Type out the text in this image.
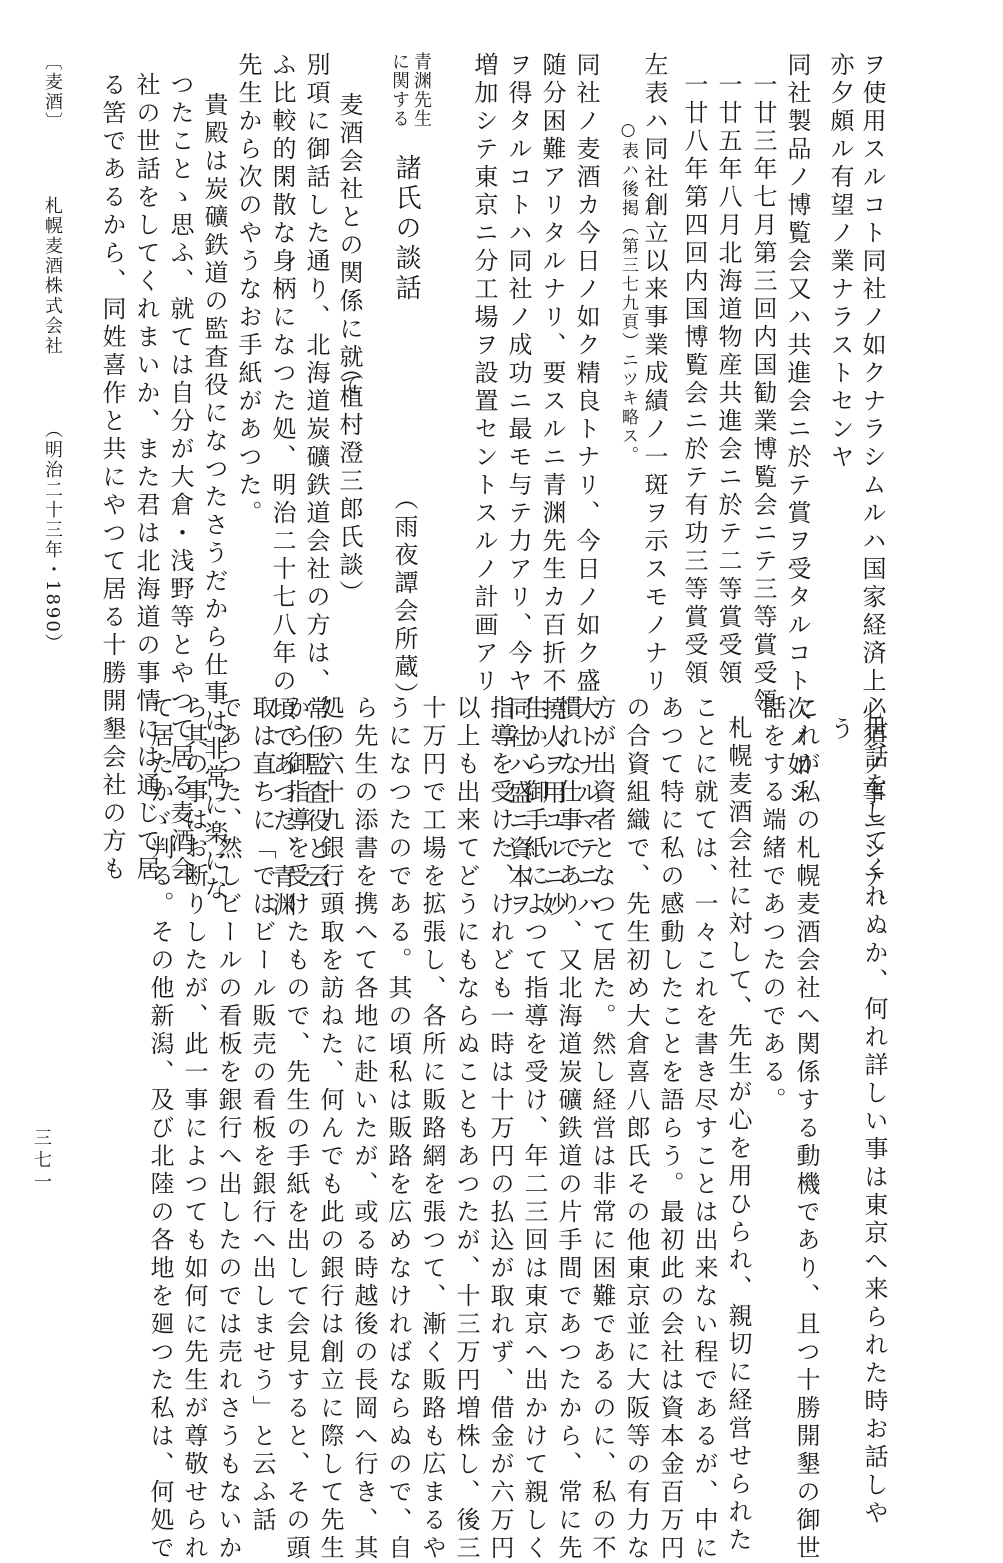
ヲ使用スルコト同社ノ如クナラシムルハ国家経済上必須ノ事ニシテ、
亦夕頗ル有望ノ業ナラストセンヤ
同社製品ノ博覧会又ハ共進会ニ於テ賞ヲ受タルコト次ノ如シ
一廿三年七月第三回内国勧業博覧会ニテ三等賞受領
一廿五年八月北海道物産共進会ニ於テ二等賞受領
一廿八年第四回内国博覧会ニ於テ有功三等賞受領
左表ハ同社創立以来事業成績ノ一斑ヲ示スモノナリ
○表ハ後掲（第三七九頁）ニツキ略ス。
同社ノ麦酒カ今日ノ如ク精良トナリ、今日ノ如ク盛大トナルマテニハ
随分困難アリタルナリ、要スルニ青渊先生カ百折不撓人ヲ用ユルニ妙
ヲ得タルコトハ同社ノ成功ニ最モ与テ力アリ、今ヤ同社ハ盛ニ資本ヲ
増加シテ東京ニ分工場ヲ設置セントスルノ計画アリ
（雨夜譚会所蔵）
諸氏の談話
麦酒会社との関係に就て
（植村澄三郎氏談）
別項に御話した通り、北海道炭礦鉄道会社の方は、常任監査役と云
ふ比較的閑散な身柄になつた処、明治二十七八年の頃であつた、青渊
先生から次のやうなお手紙があつた。
貴殿は炭礦鉄道の監査役になつたさうだから仕事は非常に楽にな
つたことゝ思ふ、就ては自分が大倉・浅野等とやつて居る麦酒会
社の世話をしてくれまいか、また君は北海道の事情には通じて居
る筈であるから、同姓喜作と共にやつて居る十勝開墾会社の方も	青渊先生
に関する
〔麦酒〕
札幌麦酒株式会社
（明治二十三年・1890）
世話をしてくれぬか、何れ詳しい事は東京へ来られた時お話しや
う
これが私の札幌麦酒会社へ関係する動機であり、且つ十勝開墾の御世
話をする端緒であつたのである。
札幌麦酒会社に対して、先生が心を用ひられ、親切に経営せられた
ことに就ては、一々これを書き尽すことは出来ない程であるが、中に
あつて特に私の感動したことを語らう。最初此の会社は資本金百万円
の合資組織で、先生初め大倉喜八郎氏その他東京並に大阪等の有力な
方が出資者となつて居た。然し経営は非常に困難であるのに、私の不
慣れな仕事であり、又北海道炭礦鉄道の片手間であつたから、常に先
生から御手紙によつて指導を受け、年二三回は東京へ出かけて親しく
指導を受けた、けれども一時は十万円の払込が取れず、借金が六万円
以上も出来てどうにもならぬこともあつたが、十三万円増株し、後三
十万円で工場を拡張し、各所に販路網を張つて、漸く販路も広まるや
うになつたのである。其の頃私は販路を広めなければならぬので、自
ら先生の添書を携へて各地に赴いたが、或る時越後の長岡へ行き、其
処の六十九銀行頭取を訪ねた、何んでも此の銀行は創立に際して先生
から御指導を受けたもので、先生の手紙を出して会見すると、その頭
取は直ちに「ではビール販売の看板を銀行へ出しませう」と云ふ話
であつた、然しビールの看板を銀行へ出したのでは売れさうもないか
ら其の事はお断りしたが、此一事によつても如何に先生が尊敬せられ
て居たかゞ判る。その他新潟、及び北陸の各地を廻つた私は、何処で
三七一
